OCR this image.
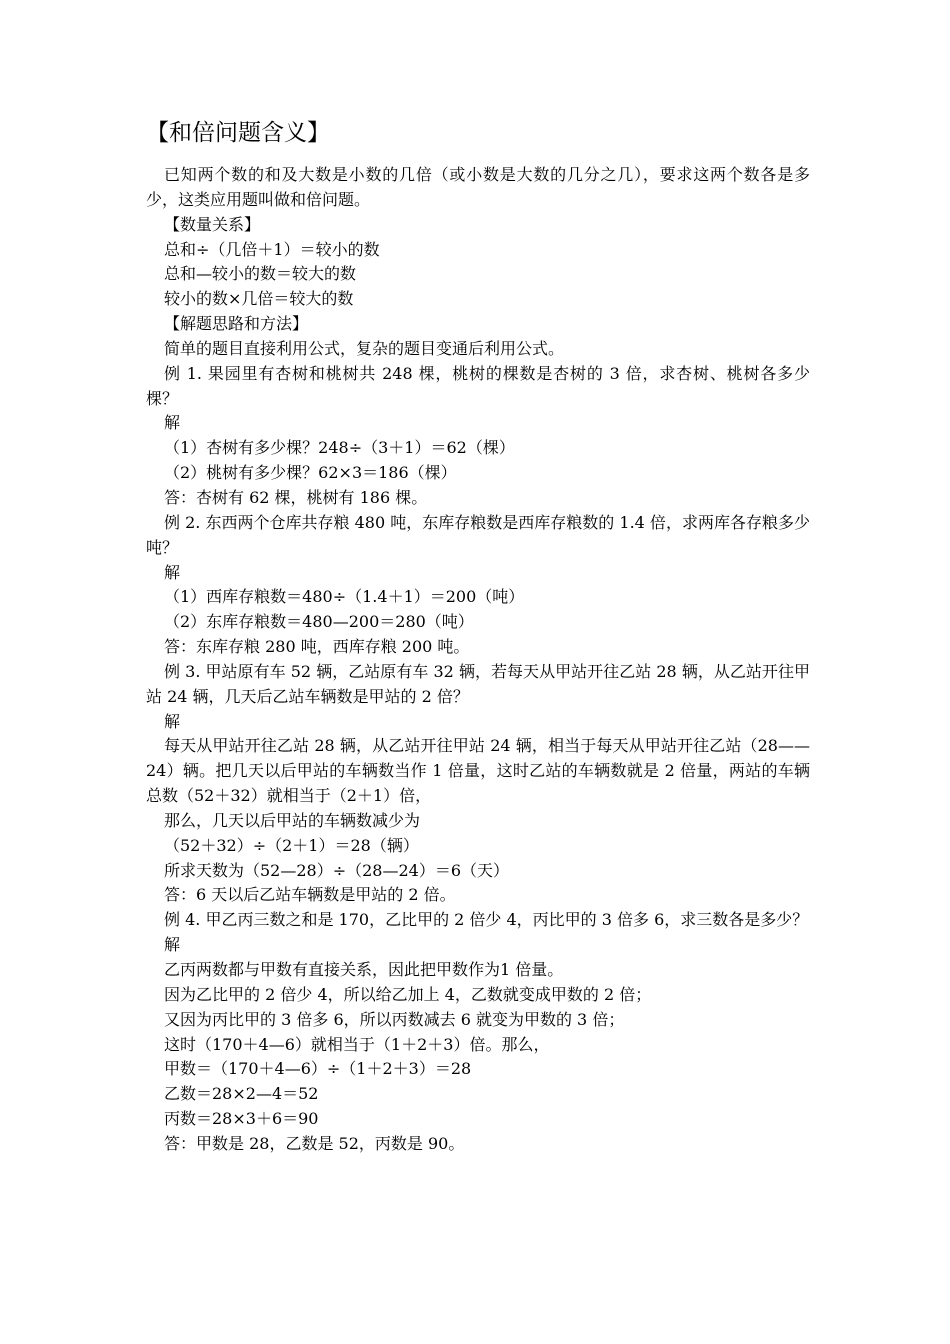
【和倍问题含义】

已知两个数的和及大数是小数的几倍（或小数是大数的几分之几），要求这两个数各是多少，这类应用题叫做和倍问题。

【数量关系】

总和÷（几倍＋1）＝较小的数

总和—较小的数＝较大的数

较小的数×几倍＝较大的数

【解题思路和方法】

简单的题目直接利用公式，复杂的题目变通后利用公式。

例 1. 果园里有杏树和桃树共 248 棵，桃树的棵数是杏树的 3 倍，求杏树、桃树各多少棵？

解

（1）杏树有多少棵？248÷（3＋1）＝62（棵）

（2）桃树有多少棵？62×3＝186（棵）

答：杏树有 62 棵，桃树有 186 棵。

例 2. 东西两个仓库共存粮 480 吨，东库存粮数是西库存粮数的 1.4 倍，求两库各存粮多少吨？

解

（1）西库存粮数＝480÷（1.4＋1）＝200（吨）

（2）东库存粮数＝480—200＝280（吨）

答：东库存粮 280 吨，西库存粮 200 吨。

例 3. 甲站原有车 52 辆，乙站原有车 32 辆，若每天从甲站开往乙站 28 辆，从乙站开往甲站 24 辆，几天后乙站车辆数是甲站的 2 倍？

解

每天从甲站开往乙站 28 辆，从乙站开往甲站 24 辆，相当于每天从甲站开往乙站（28——24）辆。把几天以后甲站的车辆数当作 1 倍量，这时乙站的车辆数就是 2 倍量，两站的车辆总数（52＋32）就相当于（2＋1）倍，

那么，几天以后甲站的车辆数减少为

（52＋32）÷（2＋1）＝28（辆）

所求天数为（52—28）÷（28—24）＝6（天）

答：6 天以后乙站车辆数是甲站的 2 倍。

例 4. 甲乙丙三数之和是 170，乙比甲的 2 倍少 4，丙比甲的 3 倍多 6，求三数各是多少？

解

乙丙两数都与甲数有直接关系，因此把甲数作为1 倍量。

因为乙比甲的 2 倍少 4，所以给乙加上 4，乙数就变成甲数的 2 倍；

又因为丙比甲的 3 倍多 6，所以丙数减去 6 就变为甲数的 3 倍；

这时（170＋4—6）就相当于（1＋2＋3）倍。那么，

甲数＝（170＋4—6）÷（1＋2＋3）＝28

乙数＝28×2—4＝52

丙数＝28×3＋6＝90

答：甲数是 28，乙数是 52，丙数是 90。
